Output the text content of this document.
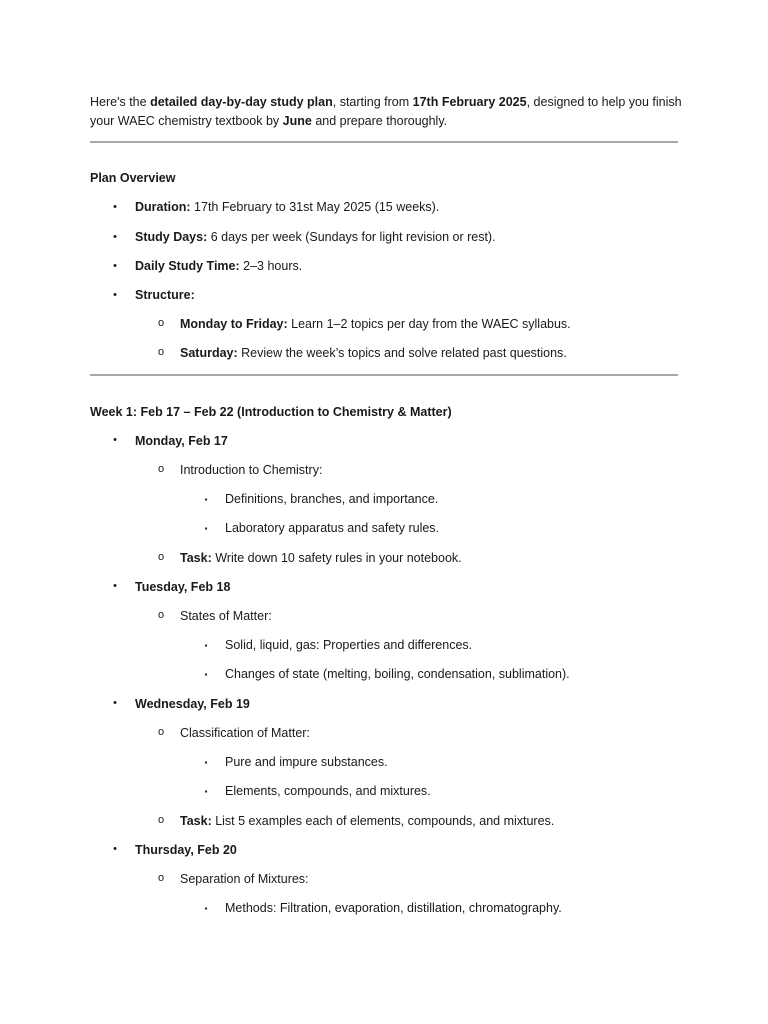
Here's the detailed day-by-day study plan, starting from 17th February 2025, designed to help you finish your WAEC chemistry textbook by June and prepare thoroughly.
Plan Overview
• Duration: 17th February to 31st May 2025 (15 weeks).
• Study Days: 6 days per week (Sundays for light revision or rest).
• Daily Study Time: 2–3 hours.
• Structure:
o Monday to Friday: Learn 1–2 topics per day from the WAEC syllabus.
o Saturday: Review the week’s topics and solve related past questions.
Week 1: Feb 17 – Feb 22 (Introduction to Chemistry & Matter)
• Monday, Feb 17
o Introduction to Chemistry:
▪ Definitions, branches, and importance.
▪ Laboratory apparatus and safety rules.
o Task: Write down 10 safety rules in your notebook.
• Tuesday, Feb 18
o States of Matter:
▪ Solid, liquid, gas: Properties and differences.
▪ Changes of state (melting, boiling, condensation, sublimation).
• Wednesday, Feb 19
o Classification of Matter:
▪ Pure and impure substances.
▪ Elements, compounds, and mixtures.
o Task: List 5 examples each of elements, compounds, and mixtures.
• Thursday, Feb 20
o Separation of Mixtures:
▪ Methods: Filtration, evaporation, distillation, chromatography.
